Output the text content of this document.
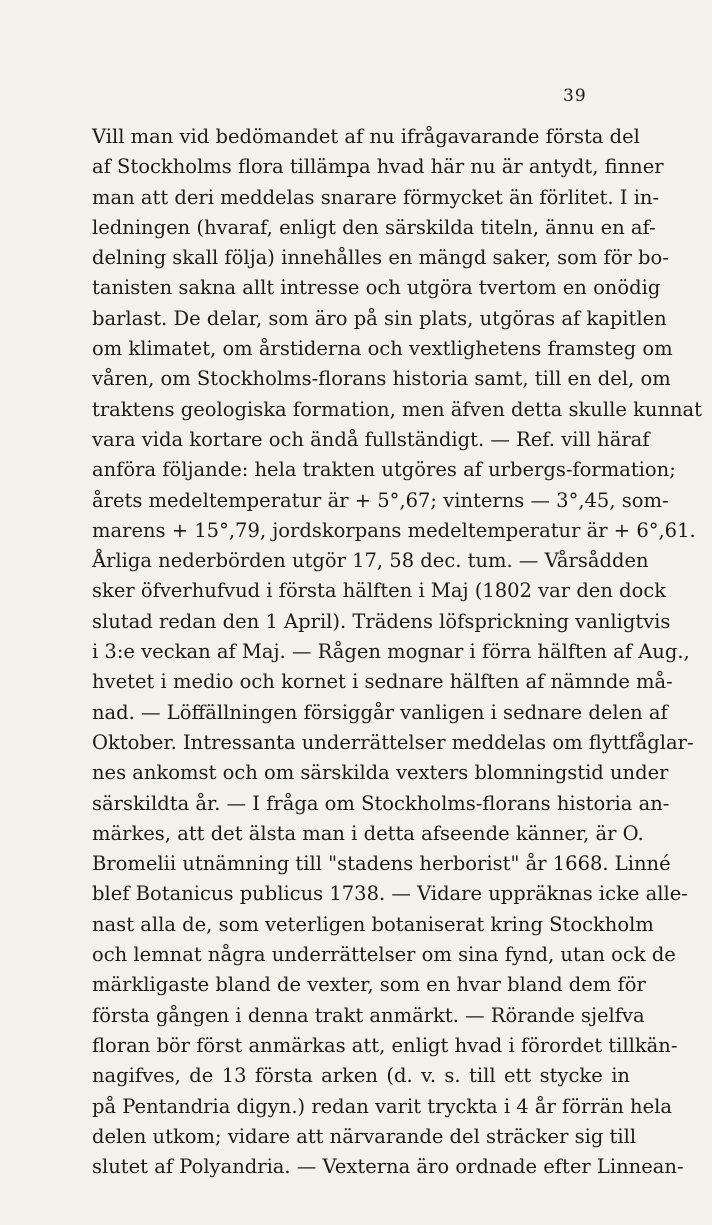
39
Vill man vid bedömandet af nu ifrågavarande första del
af Stockholms flora tillämpa hvad här nu är antydt, finner
man att deri meddelas snarare förmycket än förlitet. I in-
ledningen (hvaraf, enligt den särskilda titeln, ännu en af-
delning skall följa) innehålles en mängd saker, som för bo-
tanisten sakna allt intresse och utgöra tvertom en onödig
barlast. De delar, som äro på sin plats, utgöras af kapitlen
om klimatet, om årstiderna och vextlighetens framsteg om
våren, om Stockholms-florans historia samt, till en del, om
traktens geologiska formation, men äfven detta skulle kunnat
vara vida kortare och ändå fullständigt. — Ref. vill häraf
anföra följande: hela trakten utgöres af urbergs-formation;
årets medeltemperatur är + 5°,67; vinterns — 3°,45, som-
marens + 15°,79, jordskorpans medeltemperatur är + 6°,61.
Årliga nederbörden utgör 17, 58 dec. tum. — Vårsådden
sker öfverhufvud i första hälften i Maj (1802 var den dock
slutad redan den 1 April). Trädens löfsprickning vanligtvis
i 3:e veckan af Maj. — Rågen mognar i förra hälften af Aug.,
hvetet i medio och kornet i sednare hälften af nämnde må-
nad. — Löffällningen försiggår vanligen i sednare delen af
Oktober. Intressanta underrättelser meddelas om flyttfåglar-
nes ankomst och om särskilda vexters blomningstid under
särskildta år. — I fråga om Stockholms-florans historia an-
märkes, att det älsta man i detta afseende känner, är O.
Bromelii utnämning till "stadens herborist" år 1668. Linné
blef Botanicus publicus 1738. — Vidare uppräknas icke alle-
nast alla de, som veterligen botaniserat kring Stockholm
och lemnat några underrättelser om sina fynd, utan ock de
märkligaste bland de vexter, som en hvar bland dem för
första gången i denna trakt anmärkt. — Rörande sjelfva
floran bör först anmärkas att, enligt hvad i förordet tillkän-
nagifves, de 13 första arken (d. v. s. till ett stycke in
på Pentandria digyn.) redan varit tryckta i 4 år förrän hela
delen utkom; vidare att närvarande del sträcker sig till
slutet af Polyandria. — Vexterna äro ordnade efter Linnean-
